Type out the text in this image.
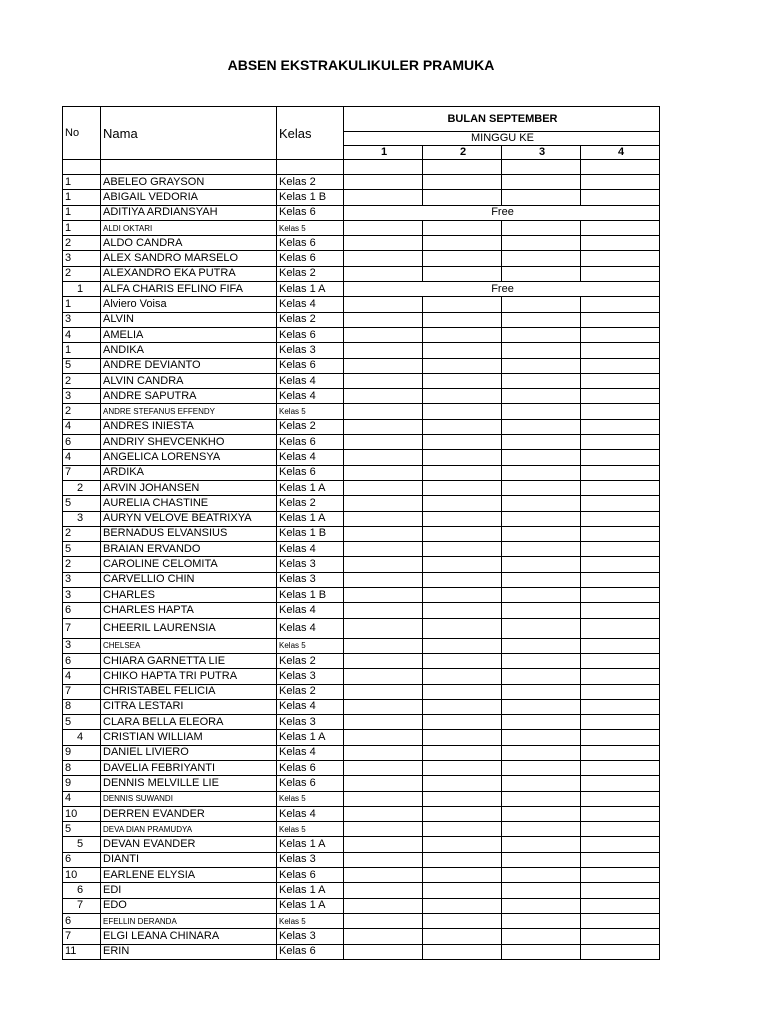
ABSEN EKSTRAKULIKULER PRAMUKA
No	Nama	Kelas	BULAN SEPTEMBER			
			MINGGU KE			
			1	2	3	4

1	ABELEO GRAYSON	Kelas 2				
1	ABIGAIL VEDORIA	Kelas 1 B				
1	ADITIYA ARDIANSYAH	Kelas 6	Free			
1	ALDI OKTARI	Kelas 5				
2	ALDO CANDRA	Kelas 6				
3	ALEX SANDRO MARSELO	Kelas 6				
2	ALEXANDRO EKA PUTRA	Kelas 2				
1	ALFA CHARIS EFLINO FIFA	Kelas 1 A	Free			
1	Alviero Voisa	Kelas 4				
3	ALVIN	Kelas 2				
4	AMELIA	Kelas 6				
1	ANDIKA	Kelas 3				
5	ANDRE DEVIANTO	Kelas 6				
2	ALVIN CANDRA	Kelas 4				
3	ANDRE SAPUTRA	Kelas 4				
2	ANDRE STEFANUS EFFENDY	Kelas 5				
4	ANDRES INIESTA	Kelas 2				
6	ANDRIY SHEVCENKHO	Kelas 6				
4	ANGELICA LORENSYA	Kelas 4				
7	ARDIKA	Kelas 6				
2	ARVIN JOHANSEN	Kelas 1 A				
5	AURELIA CHASTINE	Kelas 2				
3	AURYN VELOVE BEATRIXYA	Kelas 1 A				
2	BERNADUS ELVANSIUS	Kelas 1 B				
5	BRAIAN ERVANDO	Kelas 4				
2	CAROLINE CELOMITA	Kelas 3				
3	CARVELLIO CHIN	Kelas 3				
3	CHARLES	Kelas 1 B				
6	CHARLES HAPTA	Kelas 4				
7	CHEERIL LAURENSIA	Kelas 4				
3	CHELSEA	Kelas 5				
6	CHIARA GARNETTA LIE	Kelas 2				
4	CHIKO HAPTA TRI PUTRA	Kelas 3				
7	CHRISTABEL FELICIA	Kelas 2				
8	CITRA LESTARI	Kelas 4				
5	CLARA BELLA ELEORA	Kelas 3				
4	CRISTIAN WILLIAM	Kelas 1 A				
9	DANIEL LIVIERO	Kelas 4				
8	DAVELIA FEBRIYANTI	Kelas 6				
9	DENNIS MELVILLE LIE	Kelas 6				
4	DENNIS SUWANDI	Kelas 5				
10	DERREN EVANDER	Kelas 4				
5	DEVA DIAN PRAMUDYA	Kelas 5				
5	DEVAN EVANDER	Kelas 1 A				
6	DIANTI	Kelas 3				
10	EARLENE ELYSIA	Kelas 6				
6	EDI	Kelas 1 A				
7	EDO	Kelas 1 A				
6	EFELLIN DERANDA	Kelas 5				
7	ELGI LEANA CHINARA	Kelas 3				
11	ERIN	Kelas 6				
